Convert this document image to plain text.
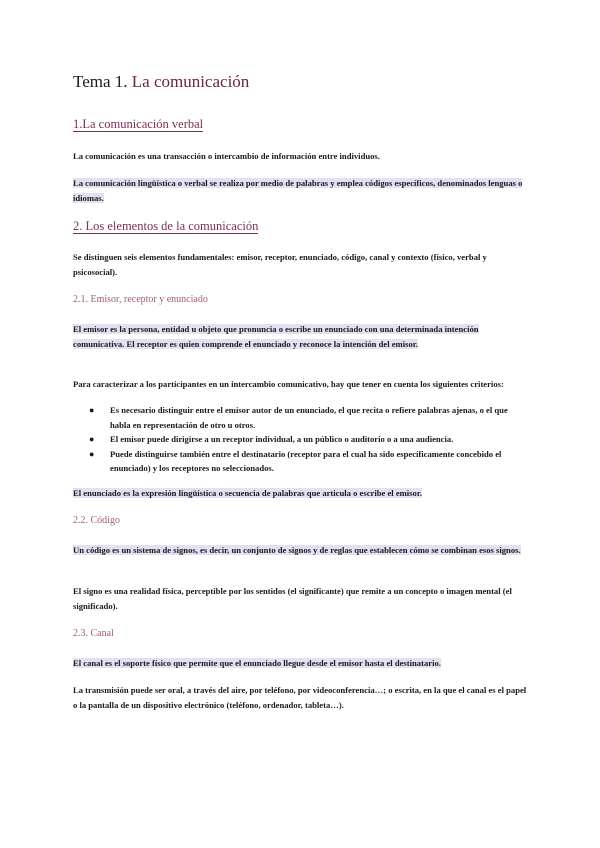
Tema 1. La comunicación
1.La comunicación verbal
La comunicación es una transacción o intercambio de información entre individuos.
La comunicación lingüística o verbal se realiza por medio de palabras y emplea códigos específicos, denominados lenguas o idiomas.
2. Los elementos de la comunicación
Se distinguen seis elementos fundamentales: emisor, receptor, enunciado, código, canal y contexto (físico, verbal y psicosocial).
2.1. Emisor, receptor y enunciado
El emisor es la persona, entidad u objeto que pronuncia o escribe un enunciado con una determinada intención comunicativa. El receptor es quien comprende el enunciado y reconoce la intención del emisor.
Para caracterizar a los participantes en un intercambio comunicativo, hay que tener en cuenta los siguientes criterios:
● Es necesario distinguir entre el emisor autor de un enunciado, el que recita o refiere palabras ajenas, o el que habla en representación de otro u otros.
● El emisor puede dirigirse a un receptor individual, a un público o auditorio o a una audiencia.
● Puede distinguirse también entre el destinatario (receptor para el cual ha sido específicamente concebido el enunciado) y los receptores no seleccionados.
El enunciado es la expresión lingüística o secuencia de palabras que articula o escribe el emisor.
2.2. Código
Un código es un sistema de signos, es decir, un conjunto de signos y de reglas que establecen cómo se combinan esos signos.
El signo es una realidad física, perceptible por los sentidos (el significante) que remite a un concepto o imagen mental (el significado).
2.3. Canal
El canal es el soporte físico que permite que el enunciado llegue desde el emisor hasta el destinatario.
La transmisión puede ser oral, a través del aire, por teléfono, por videoconferencia…; o escrita, en la que el canal es el papel o la pantalla de un dispositivo electrónico (teléfono, ordenador, tableta…).
